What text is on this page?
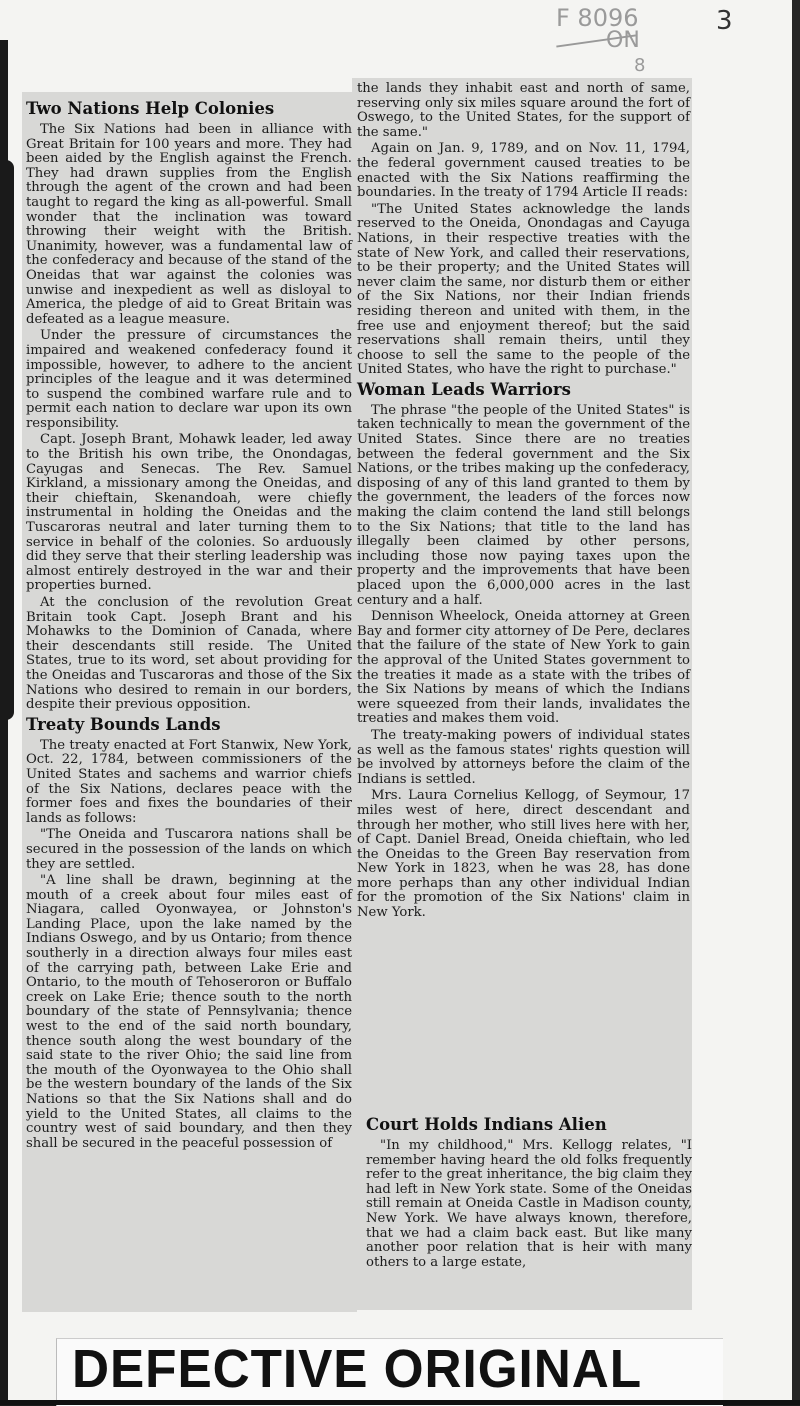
F 8096
ON
8
3
Two Nations Help Colonies

The Six Nations had been in alliance with Great Britain for 100 years and more. They had been aided by the English against the French. They had drawn supplies from the English through the agent of the crown and had been taught to regard the king as all-powerful. Small wonder that the inclination was toward throwing their weight with the British. Unanimity, however, was a fundamental law of the confederacy and because of the stand of the Oneidas that war against the colonies was unwise and inexpedient as well as disloyal to America, the pledge of aid to Great Britain was defeated as a league measure.

Under the pressure of circumstances the impaired and weakened confederacy found it impossible, however, to adhere to the ancient principles of the league and it was determined to suspend the combined warfare rule and to permit each nation to declare war upon its own responsibility.

Capt. Joseph Brant, Mohawk leader, led away to the British his own tribe, the Onondagas, Cayugas and Senecas. The Rev. Samuel Kirkland, a missionary among the Oneidas, and their chieftain, Skenandoah, were chiefly instrumental in holding the Oneidas and the Tuscaroras neutral and later turning them to service in behalf of the colonies. So arduously did they serve that their sterling leadership was almost entirely destroyed in the war and their properties burned.

At the conclusion of the revolution Great Britain took Capt. Joseph Brant and his Mohawks to the Dominion of Canada, where their descendants still reside. The United States, true to its word, set about providing for the Oneidas and Tuscaroras and those of the Six Nations who desired to remain in our borders, despite their previous opposition.

Treaty Bounds Lands

The treaty enacted at Fort Stanwix, New York, Oct. 22, 1784, between commissioners of the United States and sachems and warrior chiefs of the Six Nations, declares peace with the former foes and fixes the boundaries of their lands as follows:

"The Oneida and Tuscarora nations shall be secured in the possession of the lands on which they are settled.

"A line shall be drawn, beginning at the mouth of a creek about four miles east of Niagara, called Oyonwayea, or Johnston's Landing Place, upon the lake named by the Indians Oswego, and by us Ontario; from thence southerly in a direction always four miles east of the carrying path, between Lake Erie and Ontario, to the mouth of Tehoseroron or Buffalo creek on Lake Erie; thence south to the north boundary of the state of Pennsylvania; thence west to the end of the said north boundary, thence south along the west boundary of the said state to the river Ohio; the said line from the mouth of the Oyonwayea to the Ohio shall be the western boundary of the lands of the Six Nations so that the Six Nations shall and do yield to the United States, all claims to the country west of said boundary, and then they shall be secured in the peaceful possession of

the lands they inhabit east and north of same, reserving only six miles square around the fort of Oswego, to the United States, for the support of the same."

Again on Jan. 9, 1789, and on Nov. 11, 1794, the federal government caused treaties to be enacted with the Six Nations reaffirming the boundaries. In the treaty of 1794 Article II reads:

"The United States acknowledge the lands reserved to the Oneida, Onondagas and Cayuga Nations, in their respective treaties with the state of New York, and called their reservations, to be their property; and the United States will never claim the same, nor disturb them or either of the Six Nations, nor their Indian friends residing thereon and united with them, in the free use and enjoyment thereof; but the said reservations shall remain theirs, until they choose to sell the same to the people of the United States, who have the right to purchase."

Woman Leads Warriors

The phrase "the people of the United States" is taken technically to mean the government of the United States. Since there are no treaties between the federal government and the Six Nations, or the tribes making up the confederacy, disposing of any of this land granted to them by the government, the leaders of the forces now making the claim contend the land still belongs to the Six Nations; that title to the land has illegally been claimed by other persons, including those now paying taxes upon the property and the improvements that have been placed upon the 6,000,000 acres in the last century and a half.

Dennison Wheelock, Oneida attorney at Green Bay and former city attorney of De Pere, declares that the failure of the state of New York to gain the approval of the United States government to the treaties it made as a state with the tribes of the Six Nations by means of which the Indians were squeezed from their lands, invalidates the treaties and makes them void.

The treaty-making powers of individual states as well as the famous states' rights question will be involved by attorneys before the claim of the Indians is settled.

Mrs. Laura Cornelius Kellogg, of Seymour, 17 miles west of here, direct descendant and through her mother, who still lives here with her, of Capt. Daniel Bread, Oneida chieftain, who led the Oneidas to the Green Bay reservation from New York in 1823, when he was 28, has done more perhaps than any other individual Indian for the promotion of the Six Nations' claim in New York.

Court Holds Indians Alien

"In my childhood," Mrs. Kellogg relates, "I remember having heard the old folks frequently refer to the great inheritance, the big claim they had left in New York state. Some of the Oneidas still remain at Oneida Castle in Madison county, New York. We have always known, therefore, that we had a claim back east. But like many another poor relation that is heir with many others to a large estate,

DEFECTIVE ORIGINAL
